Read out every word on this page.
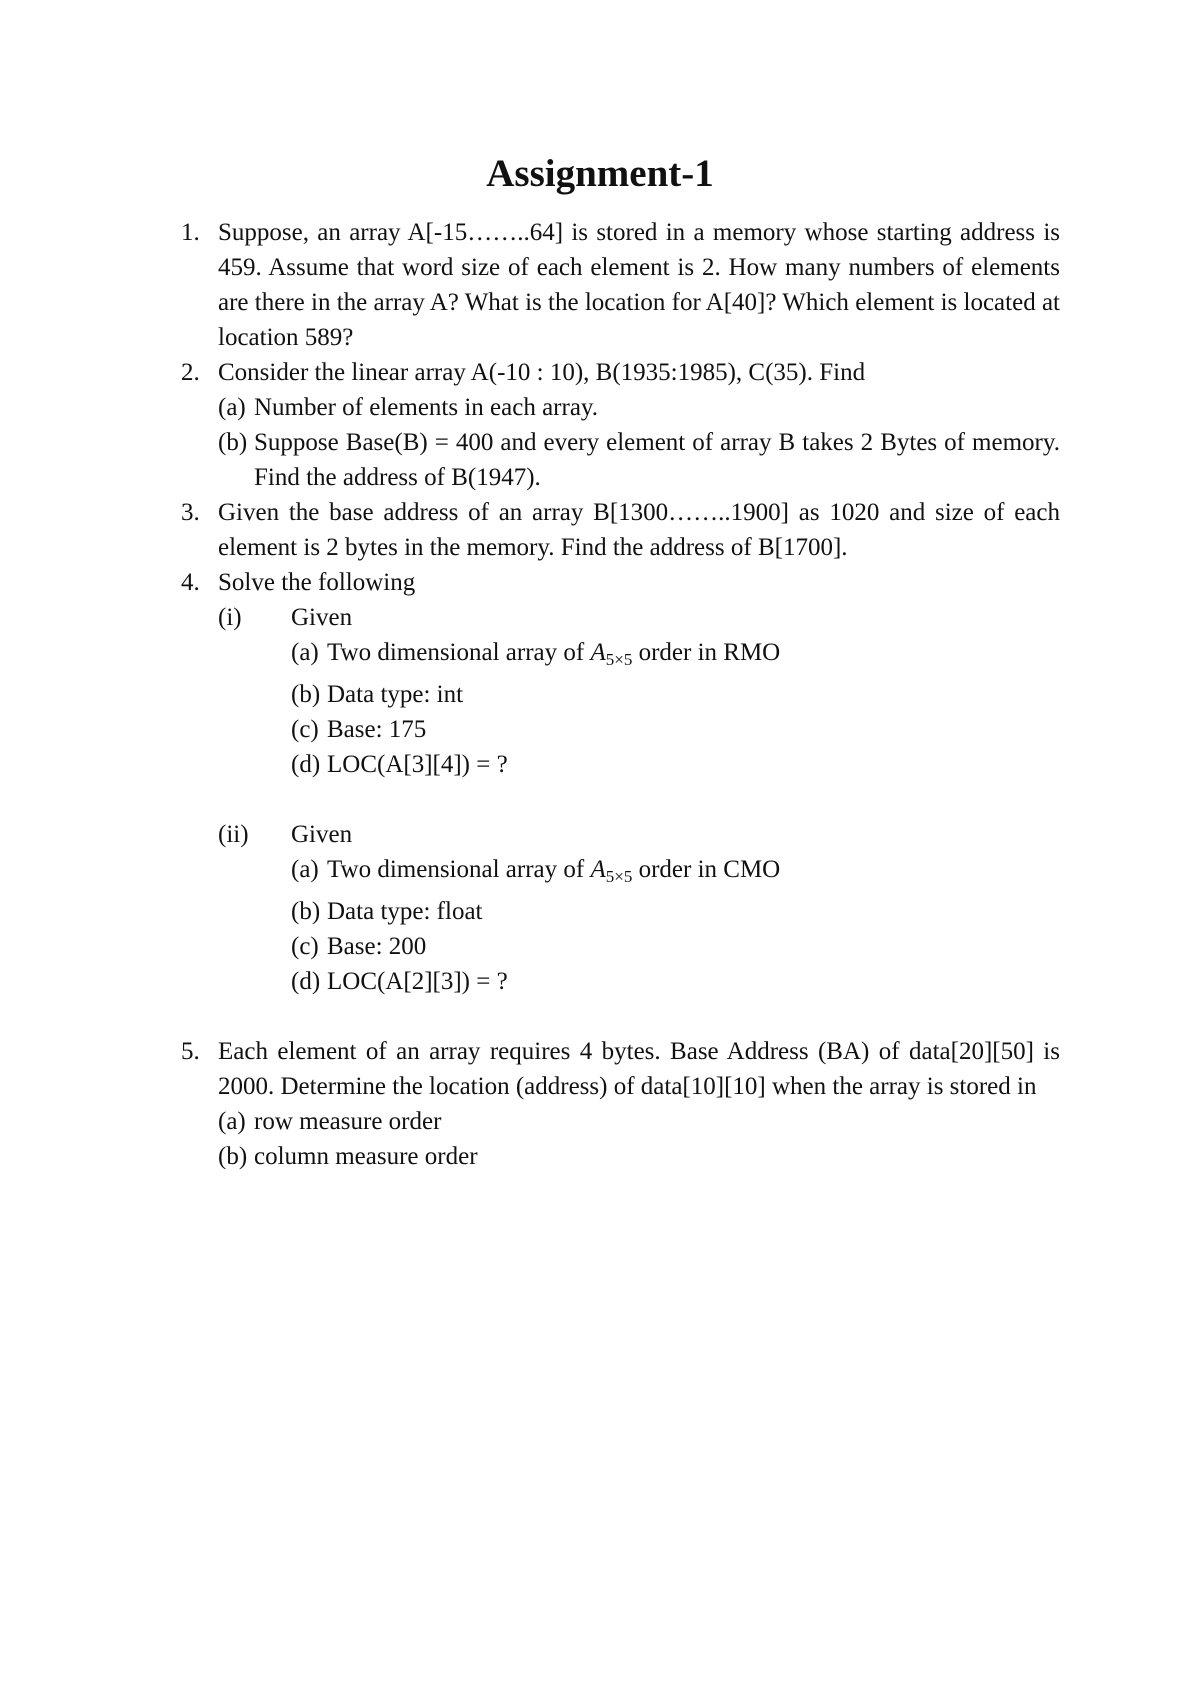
Assignment-1
1. Suppose, an array A[-15……..64] is stored in a memory whose starting address is 459. Assume that word size of each element is 2. How many numbers of elements are there in the array A? What is the location for A[40]? Which element is located at location 589?
2. Consider the linear array A(-10 : 10), B(1935:1985), C(35). Find
(a) Number of elements in each array.
(b) Suppose Base(B) = 400 and every element of array B takes 2 Bytes of memory. Find the address of B(1947).
3. Given the base address of an array B[1300……..1900] as 1020 and size of each element is 2 bytes in the memory. Find the address of B[1700].
4. Solve the following
(i) Given
(a) Two dimensional array of $A_{5\times 5}$ order in RMO
(b) Data type: int
(c) Base: 175
(d) LOC(A[3][4]) = ?
(ii) Given
(a) Two dimensional array of $A_{5\times 5}$ order in CMO
(b) Data type: float
(c) Base: 200
(d) LOC(A[2][3]) = ?
5. Each element of an array requires 4 bytes. Base Address (BA) of data[20][50] is 2000. Determine the location (address) of data[10][10] when the array is stored in
(a) row measure order
(b) column measure order
